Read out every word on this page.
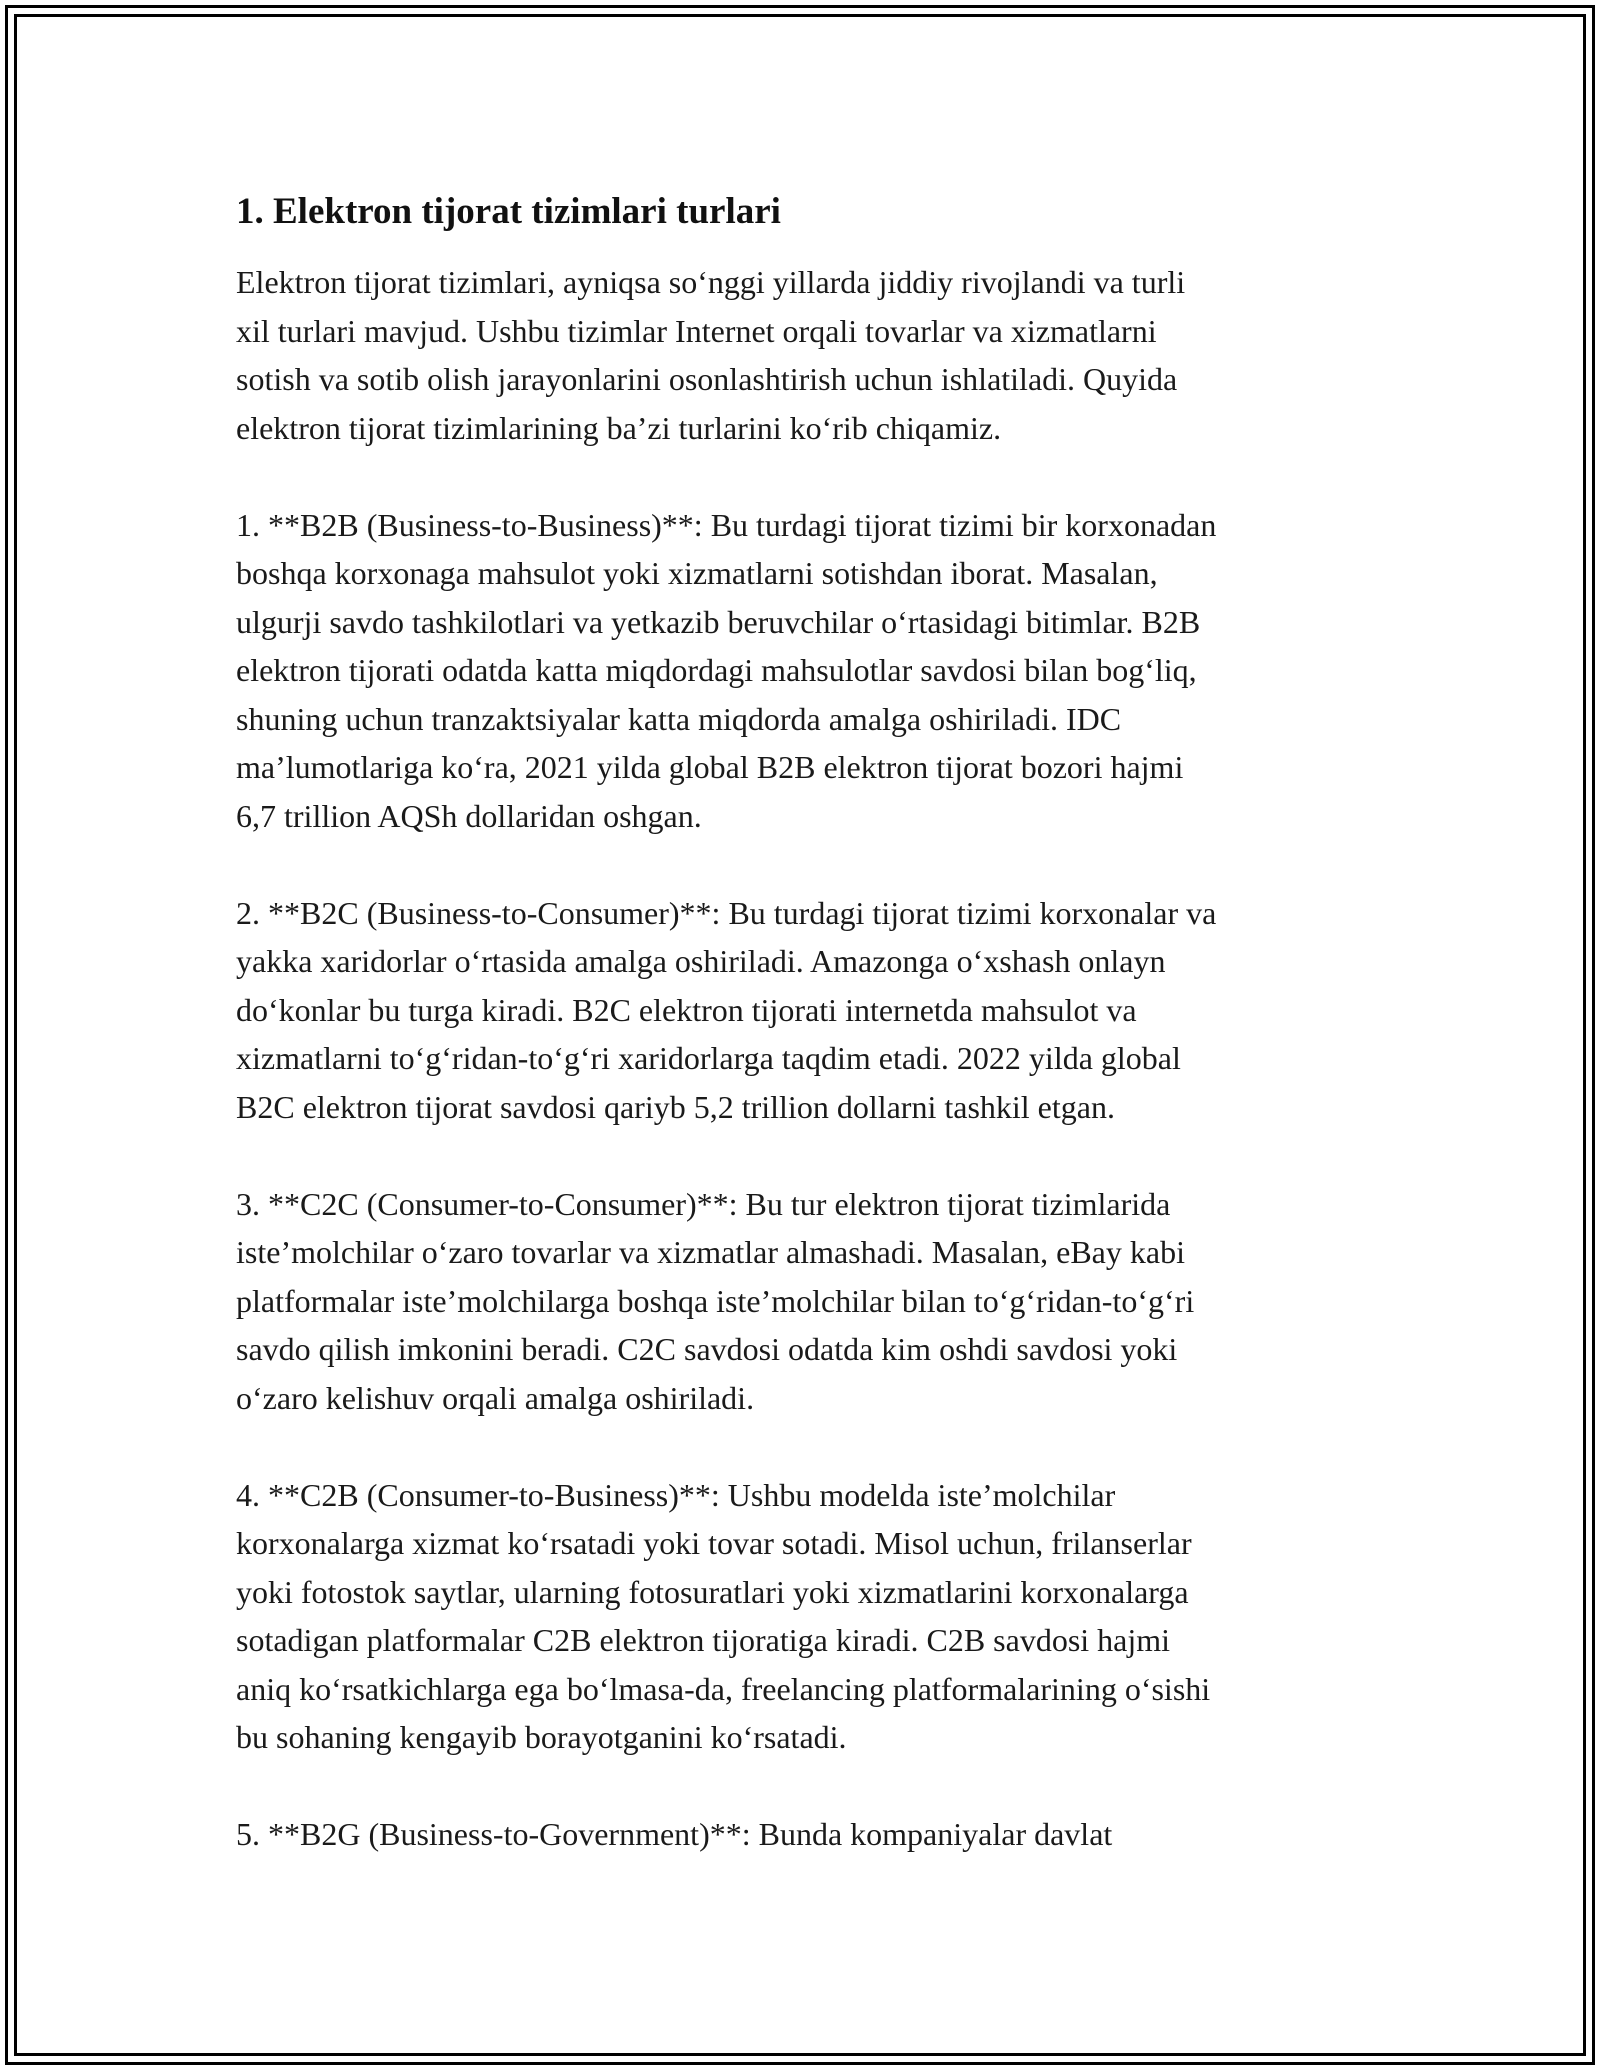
1. Elektron tijorat tizimlari turlari
Elektron tijorat tizimlari, ayniqsa so‘nggi yillarda jiddiy rivojlandi va turli
xil turlari mavjud. Ushbu tizimlar Internet orqali tovarlar va xizmatlarni
sotish va sotib olish jarayonlarini osonlashtirish uchun ishlatiladi. Quyida
elektron tijorat tizimlarining ba’zi turlarini ko‘rib chiqamiz.
1. **B2B (Business-to-Business)**: Bu turdagi tijorat tizimi bir korxonadan
boshqa korxonaga mahsulot yoki xizmatlarni sotishdan iborat. Masalan,
ulgurji savdo tashkilotlari va yetkazib beruvchilar o‘rtasidagi bitimlar. B2B
elektron tijorati odatda katta miqdordagi mahsulotlar savdosi bilan bog‘liq,
shuning uchun tranzaktsiyalar katta miqdorda amalga oshiriladi. IDC
ma’lumotlariga ko‘ra, 2021 yilda global B2B elektron tijorat bozori hajmi
6,7 trillion AQSh dollaridan oshgan.
2. **B2C (Business-to-Consumer)**: Bu turdagi tijorat tizimi korxonalar va
yakka xaridorlar o‘rtasida amalga oshiriladi. Amazonga o‘xshash onlayn
do‘konlar bu turga kiradi. B2C elektron tijorati internetda mahsulot va
xizmatlarni to‘g‘ridan-to‘g‘ri xaridorlarga taqdim etadi. 2022 yilda global
B2C elektron tijorat savdosi qariyb 5,2 trillion dollarni tashkil etgan.
3. **C2C (Consumer-to-Consumer)**: Bu tur elektron tijorat tizimlarida
iste’molchilar o‘zaro tovarlar va xizmatlar almashadi. Masalan, eBay kabi
platformalar iste’molchilarga boshqa iste’molchilar bilan to‘g‘ridan-to‘g‘ri
savdo qilish imkonini beradi. C2C savdosi odatda kim oshdi savdosi yoki
o‘zaro kelishuv orqali amalga oshiriladi.
4. **C2B (Consumer-to-Business)**: Ushbu modelda iste’molchilar
korxonalarga xizmat ko‘rsatadi yoki tovar sotadi. Misol uchun, frilanserlar
yoki fotostok saytlar, ularning fotosuratlari yoki xizmatlarini korxonalarga
sotadigan platformalar C2B elektron tijoratiga kiradi. C2B savdosi hajmi
aniq ko‘rsatkichlarga ega bo‘lmasa-da, freelancing platformalarining o‘sishi
bu sohaning kengayib borayotganini ko‘rsatadi.
5. **B2G (Business-to-Government)**: Bunda kompaniyalar davlat
